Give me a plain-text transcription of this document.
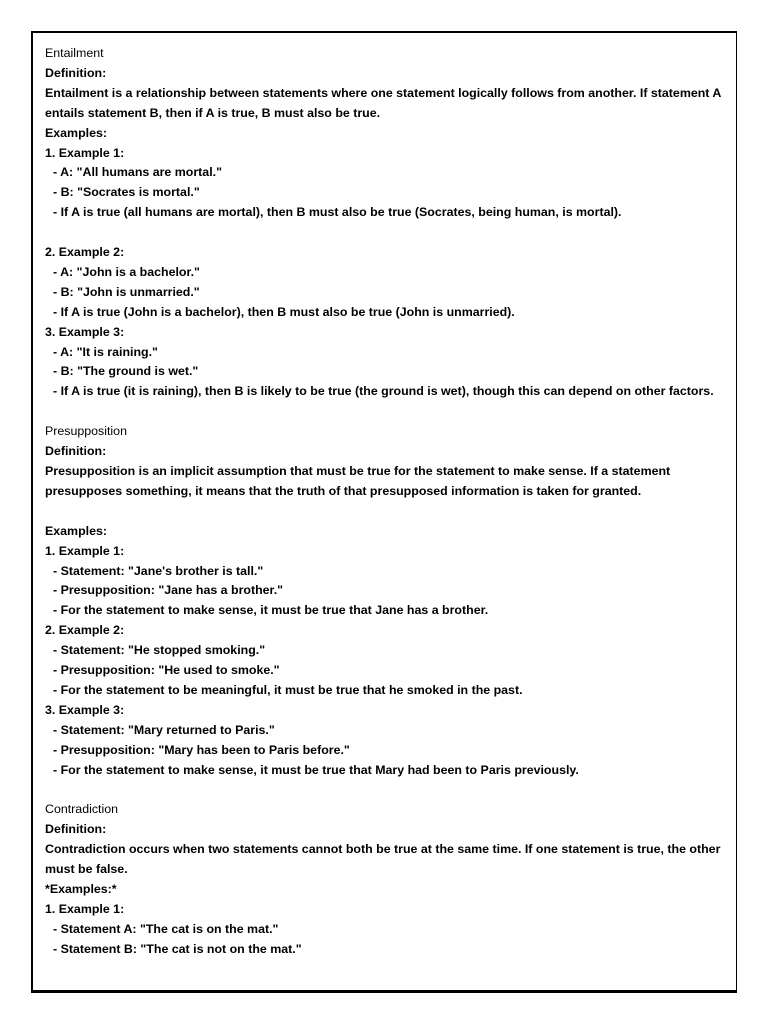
Entailment
Definition:
Entailment is a relationship between statements where one statement logically follows from another. If statement A entails statement B, then if A is true, B must also be true.
Examples:
1. Example 1:
- A: "All humans are mortal."
- B: "Socrates is mortal."
- If A is true (all humans are mortal), then B must also be true (Socrates, being human, is mortal).
2. Example 2:
- A: "John is a bachelor."
- B: "John is unmarried."
- If A is true (John is a bachelor), then B must also be true (John is unmarried).
3. Example 3:
- A: "It is raining."
- B: "The ground is wet."
- If A is true (it is raining), then B is likely to be true (the ground is wet), though this can depend on other factors.
Presupposition
Definition:
Presupposition is an implicit assumption that must be true for the statement to make sense. If a statement presupposes something, it means that the truth of that presupposed information is taken for granted.
Examples:
1. Example 1:
- Statement: "Jane's brother is tall."
- Presupposition: "Jane has a brother."
- For the statement to make sense, it must be true that Jane has a brother.
2. Example 2:
- Statement: "He stopped smoking."
- Presupposition: "He used to smoke."
- For the statement to be meaningful, it must be true that he smoked in the past.
3. Example 3:
- Statement: "Mary returned to Paris."
- Presupposition: "Mary has been to Paris before."
- For the statement to make sense, it must be true that Mary had been to Paris previously.
Contradiction
Definition:
Contradiction occurs when two statements cannot both be true at the same time. If one statement is true, the other must be false.
*Examples:*
1. Example 1:
- Statement A: "The cat is on the mat."
- Statement B: "The cat is not on the mat."
